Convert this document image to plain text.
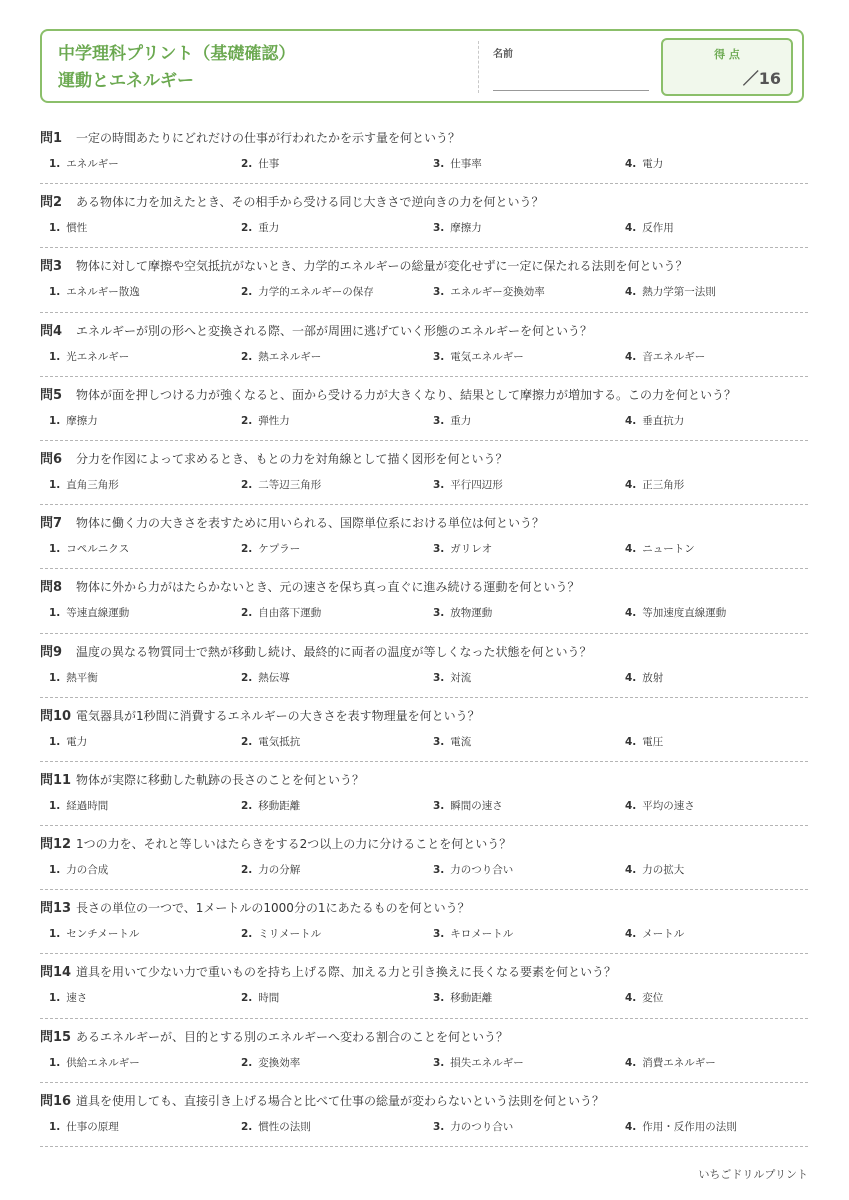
中学理科プリント（基礎確認）
運動とエネルギー
名前	得 点
／16
問1 一定の時間あたりにどれだけの仕事が行われたかを示す量を何という？
1. エネルギー	2. 仕事	3. 仕事率	4. 電力
問2 ある物体に力を加えたとき、その相手から受ける同じ大きさで逆向きの力を何という？
1. 慣性	2. 重力	3. 摩擦力	4. 反作用
問3 物体に対して摩擦や空気抵抗がないとき、力学的エネルギーの総量が変化せずに一定に保たれる法則を何という？
1. エネルギー散逸	2. 力学的エネルギーの保存	3. エネルギー変換効率	4. 熱力学第一法則
問4 エネルギーが別の形へと変換される際、一部が周囲に逃げていく形態のエネルギーを何という？
1. 光エネルギー	2. 熱エネルギー	3. 電気エネルギー	4. 音エネルギー
問5 物体が面を押しつける力が強くなると、面から受ける力が大きくなり、結果として摩擦力が増加する。この力を何という？
1. 摩擦力	2. 弾性力	3. 重力	4. 垂直抗力
問6 分力を作図によって求めるとき、もとの力を対角線として描く図形を何という？
1. 直角三角形	2. 二等辺三角形	3. 平行四辺形	4. 正三角形
問7 物体に働く力の大きさを表すために用いられる、国際単位系における単位は何という？
1. コペルニクス	2. ケプラー	3. ガリレオ	4. ニュートン
問8 物体に外から力がはたらかないとき、元の速さを保ち真っ直ぐに進み続ける運動を何という？
1. 等速直線運動	2. 自由落下運動	3. 放物運動	4. 等加速度直線運動
問9 温度の異なる物質同士で熱が移動し続け、最終的に両者の温度が等しくなった状態を何という？
1. 熱平衡	2. 熱伝導	3. 対流	4. 放射
問10 電気器具が1秒間に消費するエネルギーの大きさを表す物理量を何という？
1. 電力	2. 電気抵抗	3. 電流	4. 電圧
問11 物体が実際に移動した軌跡の長さのことを何という？
1. 経過時間	2. 移動距離	3. 瞬間の速さ	4. 平均の速さ
問12 1つの力を、それと等しいはたらきをする2つ以上の力に分けることを何という？
1. 力の合成	2. 力の分解	3. 力のつり合い	4. 力の拡大
問13 長さの単位の一つで、1メートルの1000分の1にあたるものを何という？
1. センチメートル	2. ミリメートル	3. キロメートル	4. メートル
問14 道具を用いて少ない力で重いものを持ち上げる際、加える力と引き換えに長くなる要素を何という？
1. 速さ	2. 時間	3. 移動距離	4. 変位
問15 あるエネルギーが、目的とする別のエネルギーへ変わる割合のことを何という？
1. 供給エネルギー	2. 変換効率	3. 損失エネルギー	4. 消費エネルギー
問16 道具を使用しても、直接引き上げる場合と比べて仕事の総量が変わらないという法則を何という？
1. 仕事の原理	2. 慣性の法則	3. 力のつり合い	4. 作用・反作用の法則
いちごドリルプリント
